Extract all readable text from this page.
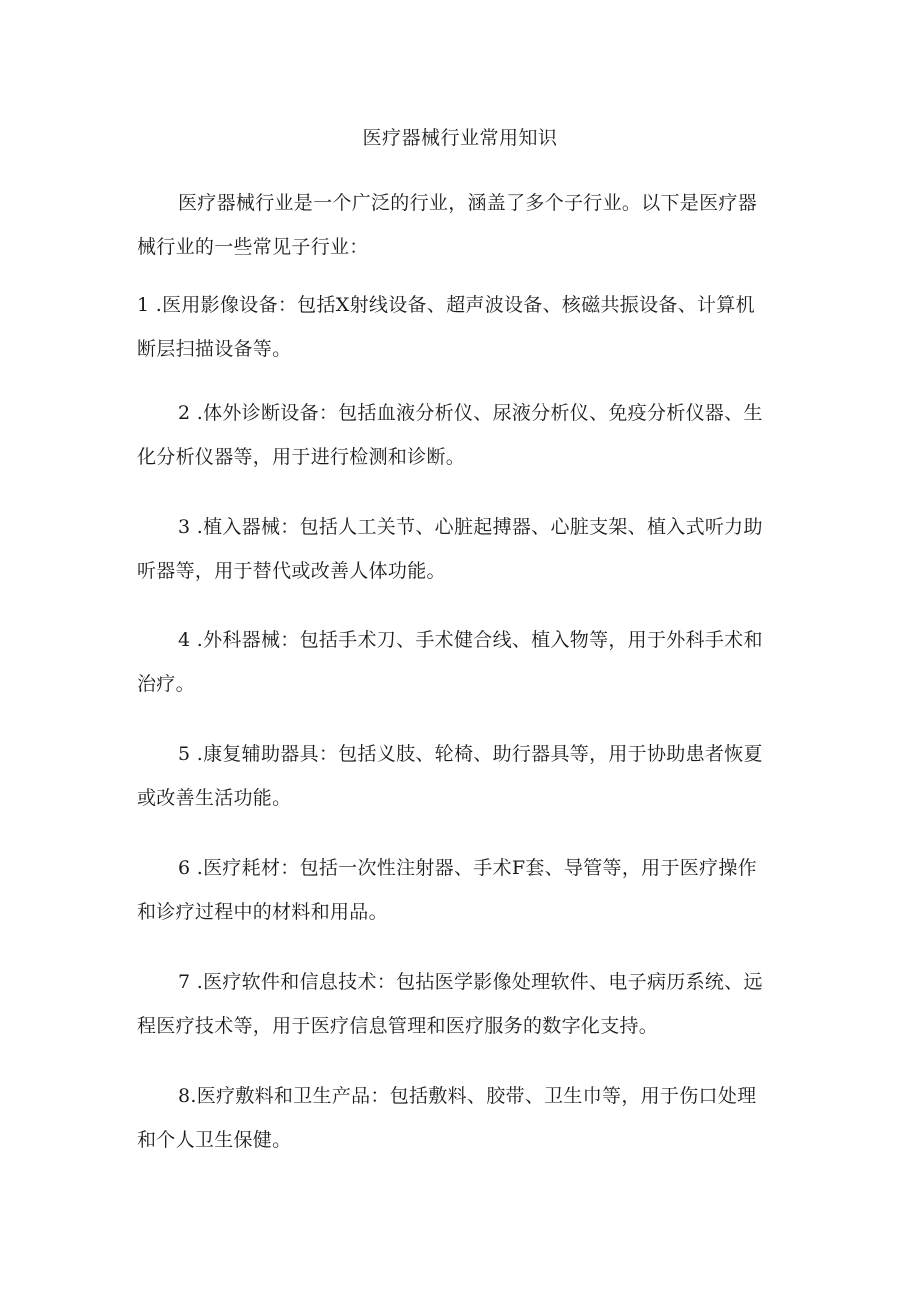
医疗器械行业常用知识

医疗器械行业是一个广泛的行业，涵盖了多个子行业。以下是医疗器
械行业的一些常见子行业：

1 .医用影像设备：包括X射线设备、超声波设备、核磁共振设备、计算机
断层扫描设备等。

2 .体外诊断设备：包括血液分析仪、尿液分析仪、免疫分析仪器、生
化分析仪器等，用于进行检测和诊断。

3 .植入器械：包括人工关节、心脏起搏器、心脏支架、植入式听力助
听器等，用于替代或改善人体功能。

4 .外科器械：包括手术刀、手术健合线、植入物等，用于外科手术和
治疗。

5 .康复辅助器具：包括义肢、轮椅、助行器具等，用于协助患者恢夏
或改善生活功能。

6 .医疗耗材：包括一次性注射器、手术F套、导管等，用于医疗操作
和诊疗过程中的材料和用品。

7 .医疗软件和信息技术：包拈医学影像处理软件、电子病历系统、远
程医疗技术等，用于医疗信息管理和医疗服务的数字化支持。

8.医疗敷料和卫生产品：包括敷料、胶带、卫生巾等，用于伤口处理
和个人卫生保健。
